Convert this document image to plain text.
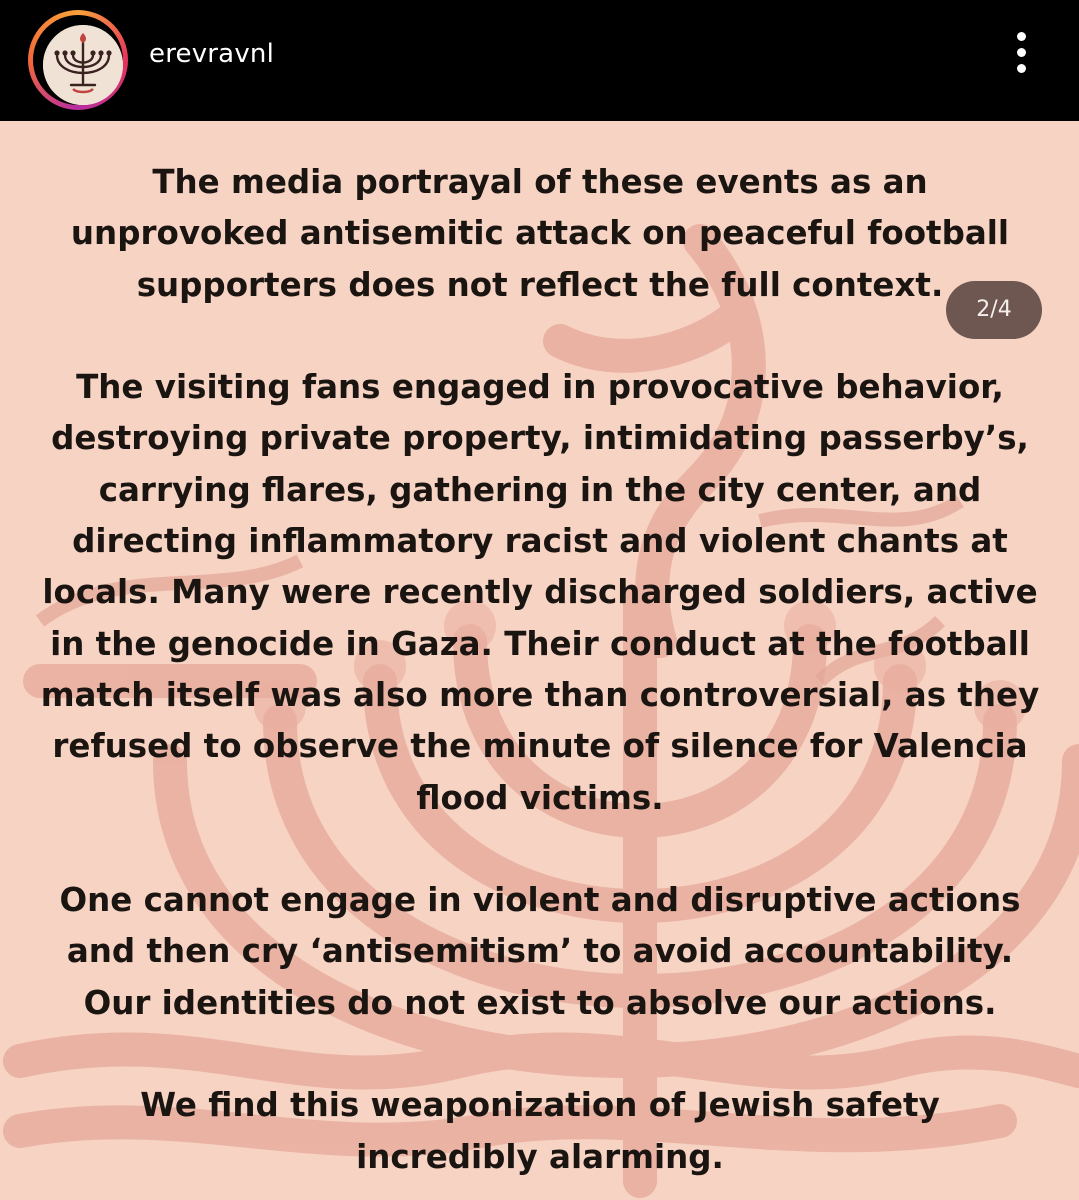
erevravnl
2/4

The media portrayal of these events as an
unprovoked antisemitic attack on peaceful football
supporters does not reflect the full context.

The visiting fans engaged in provocative behavior,
destroying private property, intimidating passerby’s,
carrying flares, gathering in the city center, and
directing inflammatory racist and violent chants at
locals. Many were recently discharged soldiers, active
in the genocide in Gaza. Their conduct at the football
match itself was also more than controversial, as they
refused to observe the minute of silence for Valencia
flood victims.

One cannot engage in violent and disruptive actions
and then cry ‘antisemitism’ to avoid accountability.
Our identities do not exist to absolve our actions.

We find this weaponization of Jewish safety
incredibly alarming.
